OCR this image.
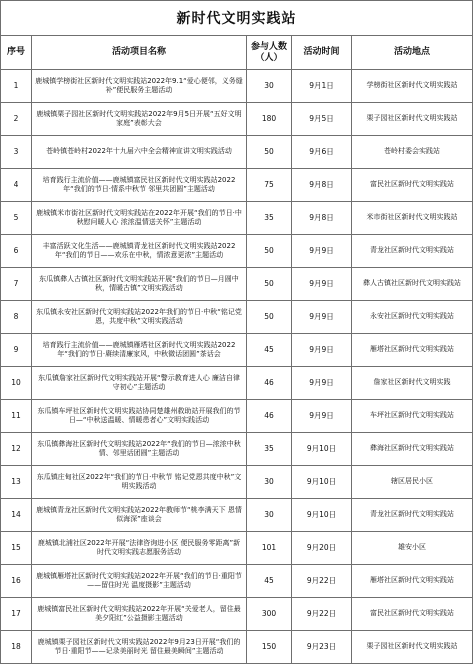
新时代文明实践站				
序号	活动项目名称	参与人数（人）	活动时间	活动地点
1	鹿城镇学榜街社区新时代文明实践站2022年9.1“爱心便邻，义务缝补”便民服务主题活动	30	9月1日	学榜街社区新时代文明实践站
2	鹿城镇栗子园社区新时代文明实践站2022年9月5日开展“五好文明家庭”表彰大会	180	9月5日	栗子园社区新时代文明实践站
3	苍岭镇苍岭村2022年十九届六中全会精神宣讲文明实践活动	50	9月6日	苍岭村委会实践站
4	培育践行主流价值——鹿城镇富民社区新时代文明实践站2022年“我们的节日·情系中秋节 邻里共团圆”主题活动	75	9月8日	富民社区新时代文明实践站
5	鹿城镇米市街社区新时代文明实践站在2022年开展“我们的节日·中秋慰问暖人心 浓浓温情送关怀”主题活动	35	9月8日	米市街社区新时代文明实践站
6	丰富活跃文化生活——鹿城镇青龙社区新时代文明实践站2022年“我们的节日——欢乐在中秋，情浓意更浓”主题活动	50	9月9日	青龙社区新时代文明实践站
7	东瓜镇彝人古镇社区新时代文明实践站开展“我们的节日—月圆中秋，情暖古镇”文明实践活动	50	9月9日	彝人古镇社区新时代文明实践站
8	东瓜镇永安社区新时代文明实践站2022年我们的节日·中秋“铭记党恩，共度中秋”文明实践活动	50	9月9日	永安社区新时代文明实践站
9	培育践行主流价值——鹿城镇雁塔社区新时代文明实践站2022年“我们的节日·赓续清廉家风，中秋微话团圆”茶话会	45	9月9日	雁塔社区新时代文明实践站
10	东瓜镇詹家社区新时代文明实践站开展“警示教育进人心 廉洁自律守初心”主题活动	46	9月9日	詹家社区新时代文明实践
11	东瓜镇车坪社区新时代文明实践站协同楚雄州救助站开展我们的节日—“中秋送温暖、情暖患者心”文明实践活动	46	9月9日	车坪社区新时代文明实践站
12	东瓜镇彝海社区新时代文明实践站2022年“我们的节日—浓浓中秋情、邻里话团圆”主题活动	35	9月10日	彝海社区新时代文明实践站
13	东瓜镇庄甸社区2022年“我们的节日·中秋节 铭记党恩共度中秋”文明实践活动	30	9月10日	辖区居民小区
14	鹿城镇青龙社区新时代文明实践站2022年教师节“桃李满天下 恩情似海深”座谈会	30	9月10日	青龙社区新时代文明实践站
15	鹿城镇北浦社区2022年开展“法律咨询进小区 便民服务零距离”新时代文明实践志愿服务活动	101	9月20日	雄安小区
16	鹿城镇雁塔社区新时代文明实践站2022年开展“我们的节日·重阳节——留住时光 温度摄影”主题活动	45	9月22日	雁塔社区新时代文明实践站
17	鹿城镇富民社区新时代文明实践站2022年开展“关爱老人，留住最美夕阳红”公益摄影主题活动	300	9月22日	富民社区新时代文明实践站
18	鹿城镇栗子园社区新时代文明实践站2022年9月23日开展“我们的节日·重阳节——记录美丽时光 留住最美瞬间”主题活动	150	9月23日	栗子园社区新时代文明实践站
